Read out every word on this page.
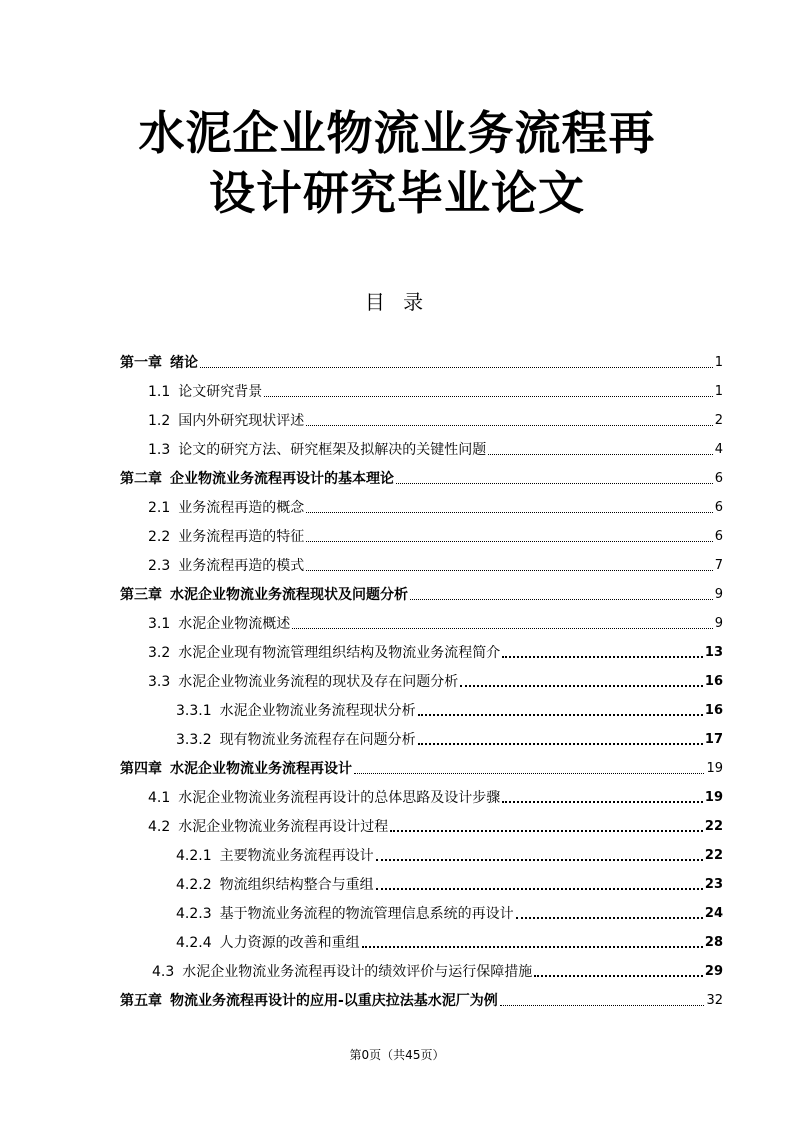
水泥企业物流业务流程再
设计研究毕业论文
目 录
第一章 绪论	1
1.1 论文研究背景	1
1.2 国内外研究现状评述	2
1.3 论文的研究方法、研究框架及拟解决的关键性问题	4
第二章 企业物流业务流程再设计的基本理论	6
2.1 业务流程再造的概念	6
2.2 业务流程再造的特征	6
2.3 业务流程再造的模式	7
第三章 水泥企业物流业务流程现状及问题分析	9
3.1 水泥企业物流概述	9
3.2 水泥企业现有物流管理组织结构及物流业务流程简介	13
3.3 水泥企业物流业务流程的现状及存在问题分析	16
3.3.1 水泥企业物流业务流程现状分析	16
3.3.2 现有物流业务流程存在问题分析	17
第四章 水泥企业物流业务流程再设计	19
4.1 水泥企业物流业务流程再设计的总体思路及设计步骤	19
4.2 水泥企业物流业务流程再设计过程	22
4.2.1 主要物流业务流程再设计	22
4.2.2 物流组织结构整合与重组	23
4.2.3 基于物流业务流程的物流管理信息系统的再设计	24
4.2.4 人力资源的改善和重组	28
4.3 水泥企业物流业务流程再设计的绩效评价与运行保障措施	29
第五章 物流业务流程再设计的应用-以重庆拉法基水泥厂为例	32
第0页（共45页）
